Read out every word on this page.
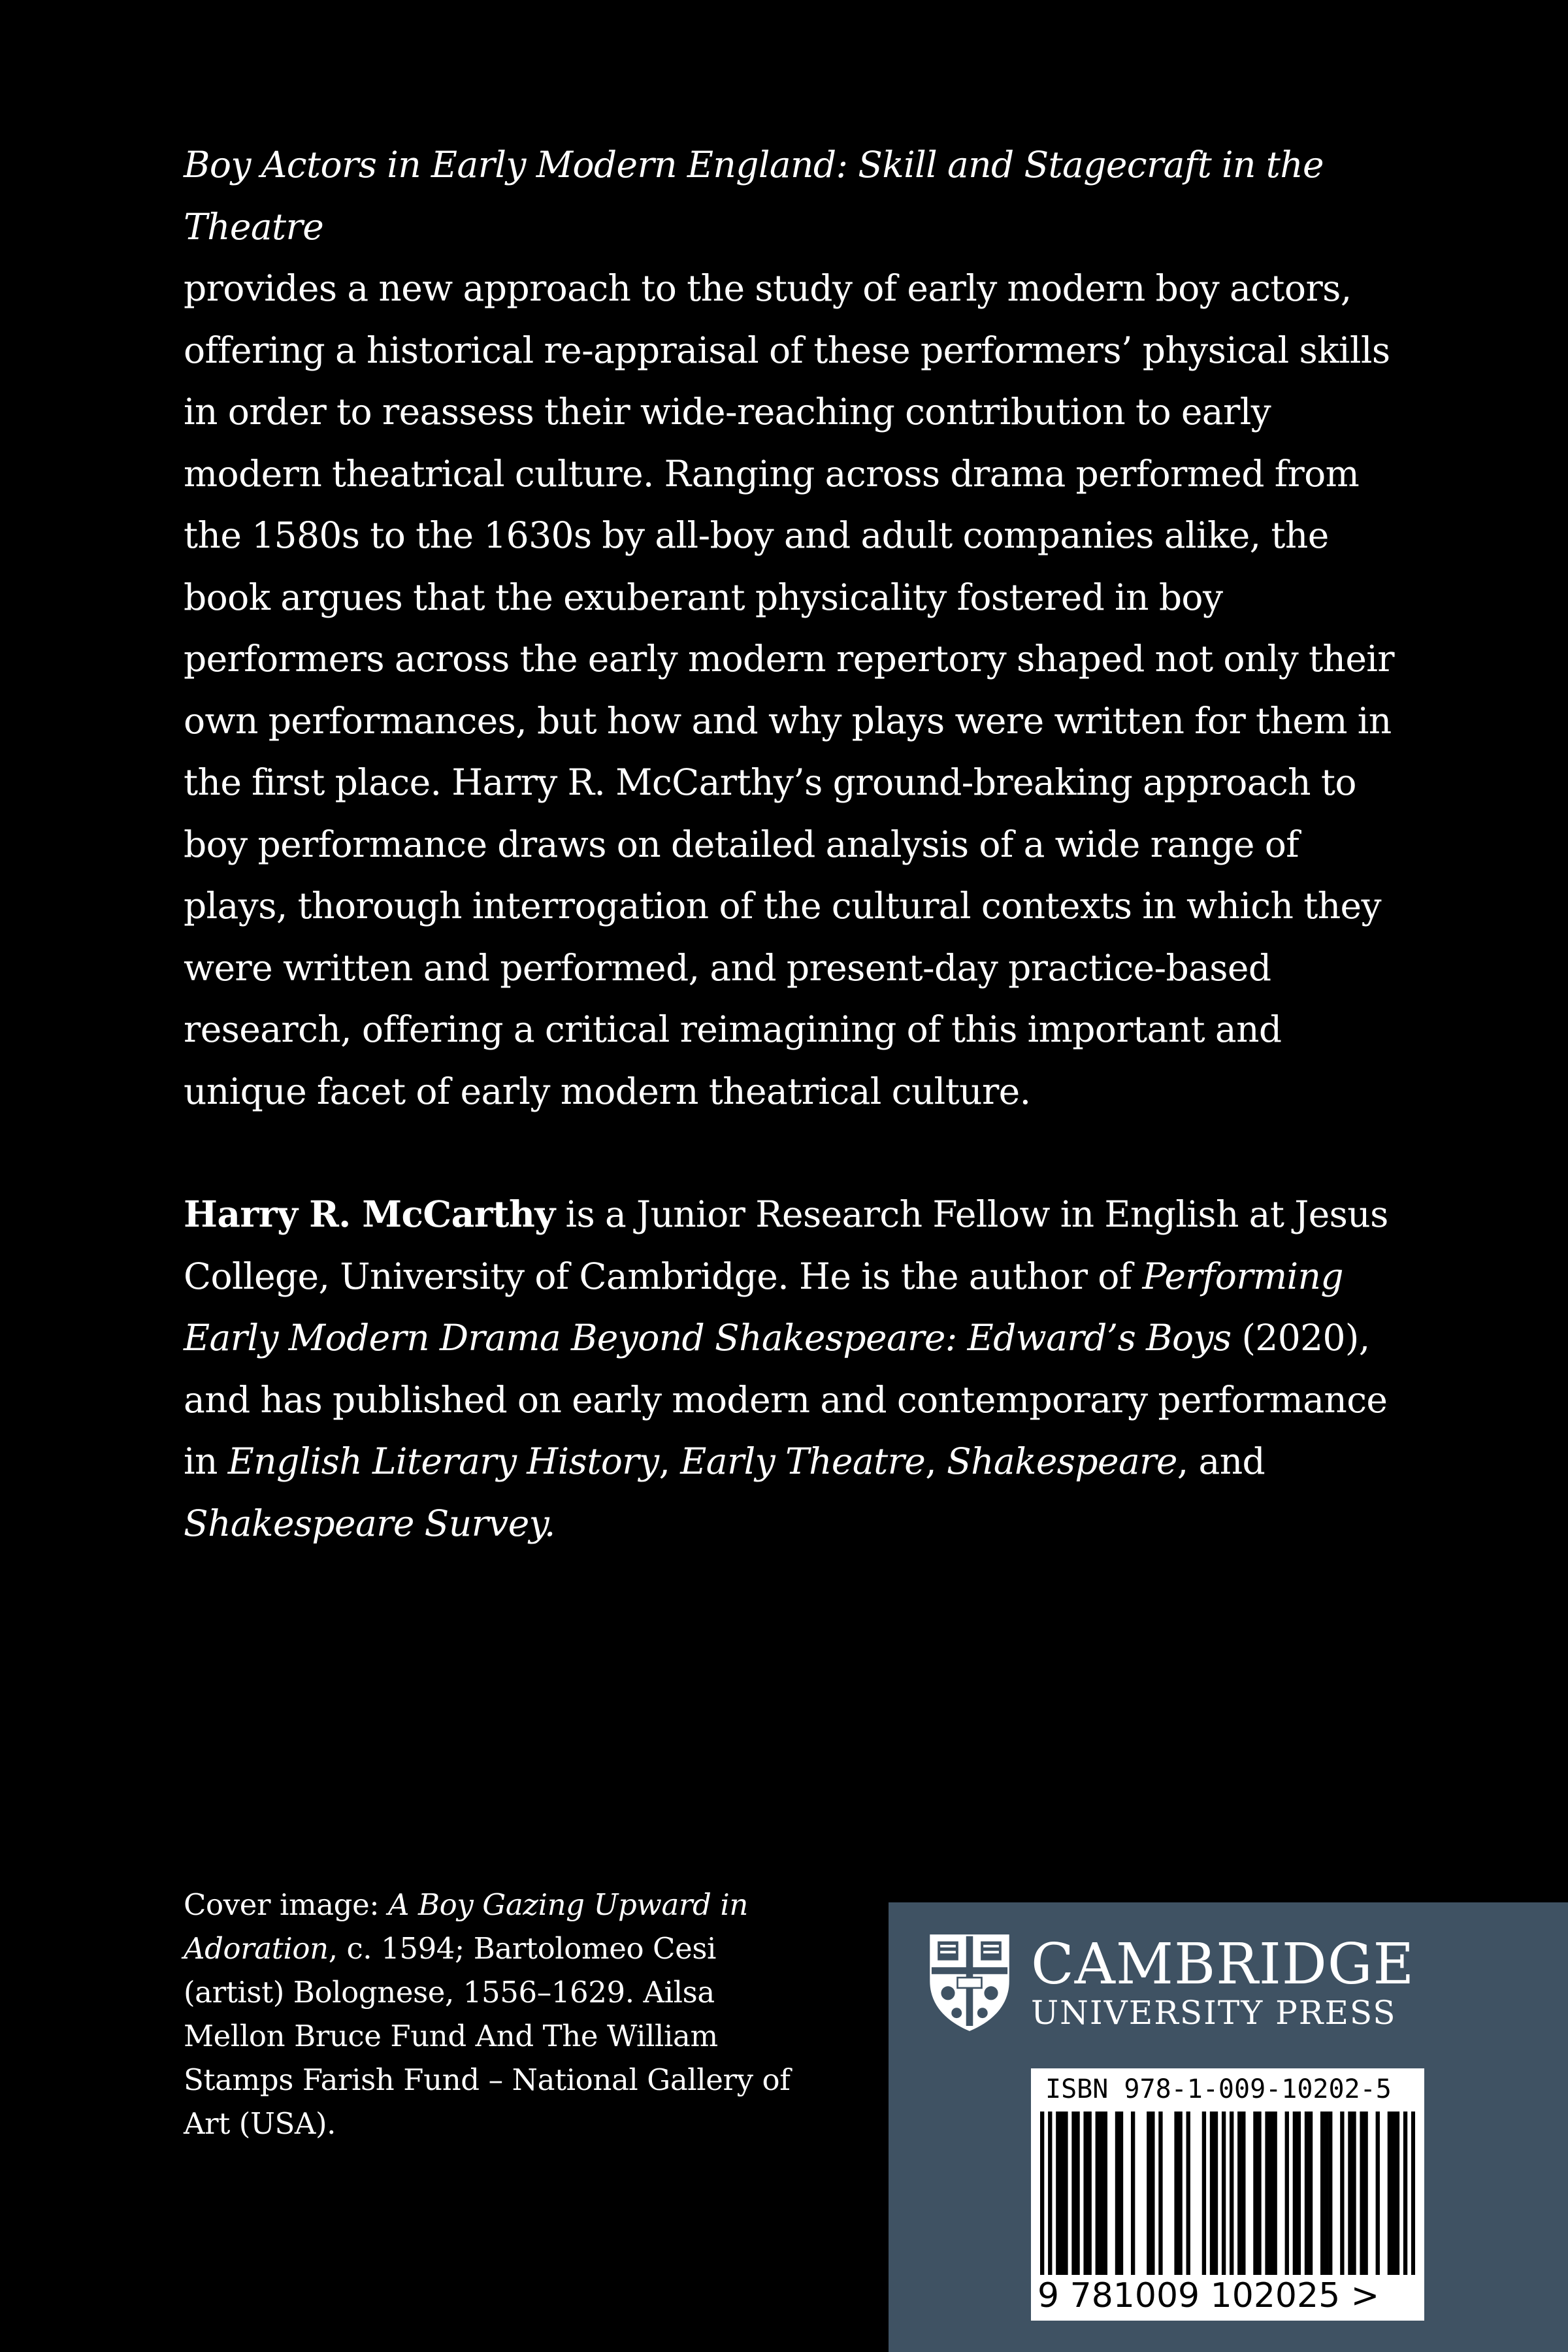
Boy Actors in Early Modern England: Skill and Stagecraft in the Theatre
provides a new approach to the study of early modern boy actors, offering a historical re-appraisal of these performers’ physical skills in order to reassess their wide-reaching contribution to early modern theatrical culture. Ranging across drama performed from the 1580s to the 1630s by all-boy and adult companies alike, the book argues that the exuberant physicality fostered in boy performers across the early modern repertory shaped not only their own performances, but how and why plays were written for them in the first place. Harry R. McCarthy’s ground-breaking approach to boy performance draws on detailed analysis of a wide range of plays, thorough interrogation of the cultural contexts in which they were written and performed, and present-day practice-based research, offering a critical reimagining of this important and unique facet of early modern theatrical culture.

Harry R. McCarthy is a Junior Research Fellow in English at Jesus College, University of Cambridge. He is the author of Performing Early Modern Drama Beyond Shakespeare: Edward’s Boys (2020), and has published on early modern and contemporary performance in English Literary History, Early Theatre, Shakespeare, and Shakespeare Survey.

Cover image: A Boy Gazing Upward in Adoration, c. 1594; Bartolomeo Cesi (artist) Bolognese, 1556–1629. Ailsa Mellon Bruce Fund And The William Stamps Farish Fund – National Gallery of Art (USA).
CAMBRIDGE
UNIVERSITY PRESS
ISBN 978-1-009-10202-5
9 781009 102025 >
